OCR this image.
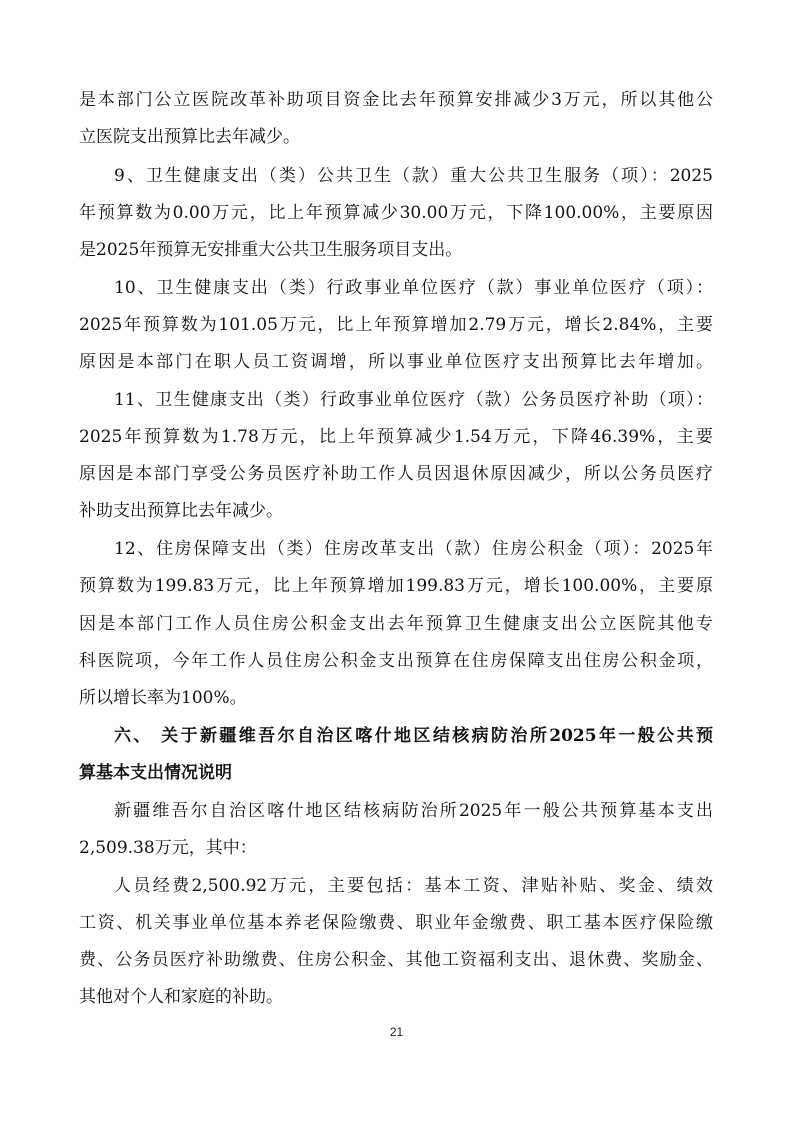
是本部门公立医院改革补助项目资金比去年预算安排减少3万元，所以其他公
立医院支出预算比去年减少。
9、卫生健康支出（类）公共卫生（款）重大公共卫生服务（项）：2025
年预算数为0.00万元，比上年预算减少30.00万元，下降100.00%，主要原因
是2025年预算无安排重大公共卫生服务项目支出。
10、卫生健康支出（类）行政事业单位医疗（款）事业单位医疗（项）：
2025年预算数为101.05万元，比上年预算增加2.79万元，增长2.84%，主要
原因是本部门在职人员工资调增，所以事业单位医疗支出预算比去年增加。
11、卫生健康支出（类）行政事业单位医疗（款）公务员医疗补助（项）：
2025年预算数为1.78万元，比上年预算减少1.54万元，下降46.39%，主要
原因是本部门享受公务员医疗补助工作人员因退休原因减少，所以公务员医疗
补助支出预算比去年减少。
12、住房保障支出（类）住房改革支出（款）住房公积金（项）：2025年
预算数为199.83万元，比上年预算增加199.83万元，增长100.00%，主要原
因是本部门工作人员住房公积金支出去年预算卫生健康支出公立医院其他专
科医院项，今年工作人员住房公积金支出预算在住房保障支出住房公积金项，
所以增长率为100%。
六、 关于新疆维吾尔自治区喀什地区结核病防治所2025年一般公共预
算基本支出情况说明
新疆维吾尔自治区喀什地区结核病防治所2025年一般公共预算基本支出
2,509.38万元，其中：
人员经费2,500.92万元，主要包括：基本工资、津贴补贴、奖金、绩效
工资、机关事业单位基本养老保险缴费、职业年金缴费、职工基本医疗保险缴
费、公务员医疗补助缴费、住房公积金、其他工资福利支出、退休费、奖励金、
其他对个人和家庭的补助。
21
